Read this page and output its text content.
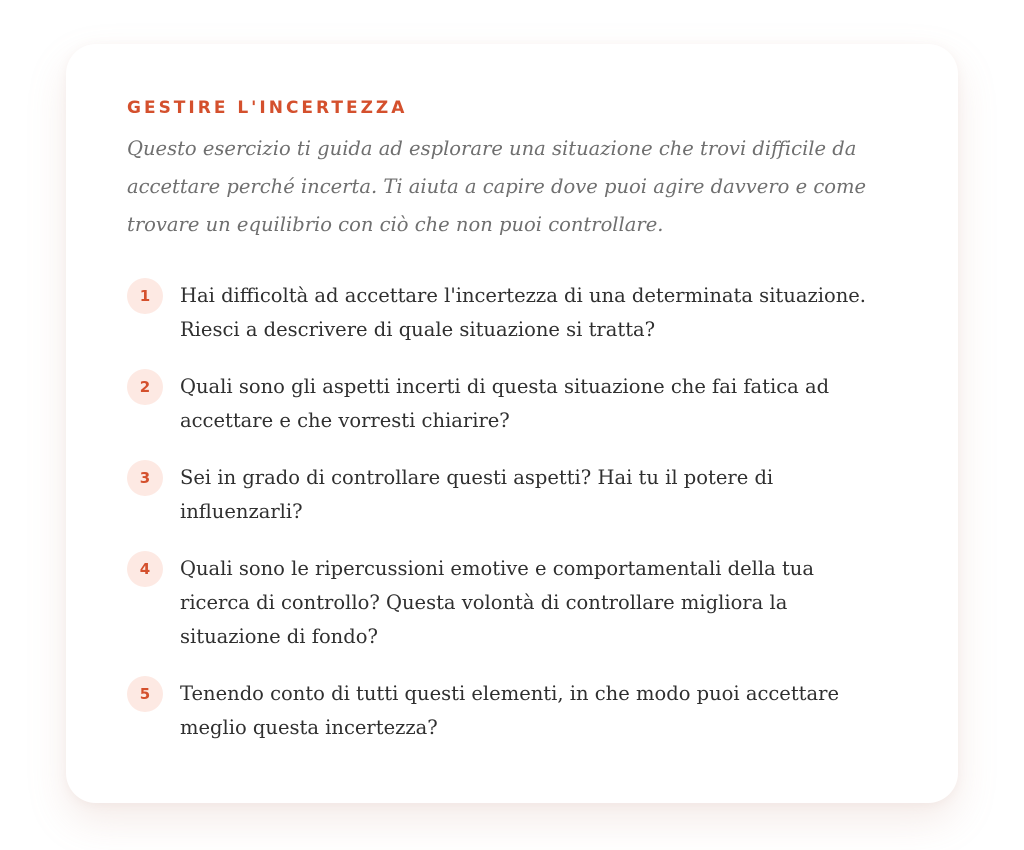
GESTIRE L'INCERTEZZA

Questo esercizio ti guida ad esplorare una situazione che trovi difficile da accettare perché incerta. Ti aiuta a capire dove puoi agire davvero e come trovare un equilibrio con ciò che non puoi controllare.

1	Hai difficoltà ad accettare l'incertezza di una determinata situazione. Riesci a descrivere di quale situazione si tratta?

2	Quali sono gli aspetti incerti di questa situazione che fai fatica ad accettare e che vorresti chiarire?

3	Sei in grado di controllare questi aspetti? Hai tu il potere di influenzarli?

4	Quali sono le ripercussioni emotive e comportamentali della tua ricerca di controllo? Questa volontà di controllare migliora la situazione di fondo?

5	Tenendo conto di tutti questi elementi, in che modo puoi accettare meglio questa incertezza?
